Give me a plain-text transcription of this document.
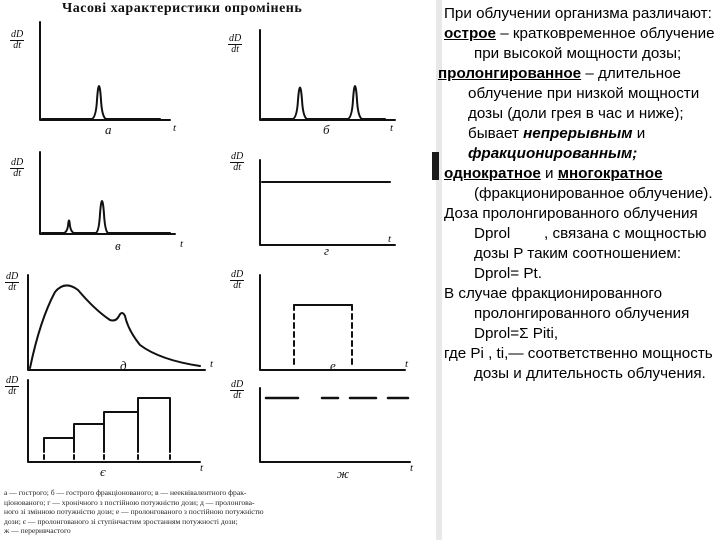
Часові характеристики опромінень
dD
dt
dD
dt
dD
dt
dD
dt
dD
dt
dD
dt
dD
dt
dD
dt
а	б
в	г
д	е
є	ж
t	t
t	t
t	t
t	t
а — гострого; б — гострого фракціонованого; в — нееквівалентного фрак-
ціонованого; г — хронічного з постійною потужністю дози; д — пролонгова-
ного зі змінною потужністю дози; е — пролонгованого з постійною потужністю
дози; є — пролонгованого зі ступінчастим зростанням потужності дози;
ж — переривчастого

При облучении организма различают:

острое – кратковременное облучение при высокой мощности дозы;

пролонгированное – длительное облучение при низкой мощности дозы (доли грея в час и ниже); бывает непрерывным и фракционированным;

однократное и многократное (фракционированное облучение).

Доза пролонгированного облучения Dprol        , связана с мощностью дозы P таким соотношением: Dprol= Pt.

В случае фракционированного пролонгированного облучения Dprol=Σ Piti,

где Pi , ti,— соответственно мощность дозы и длительность облучения.
